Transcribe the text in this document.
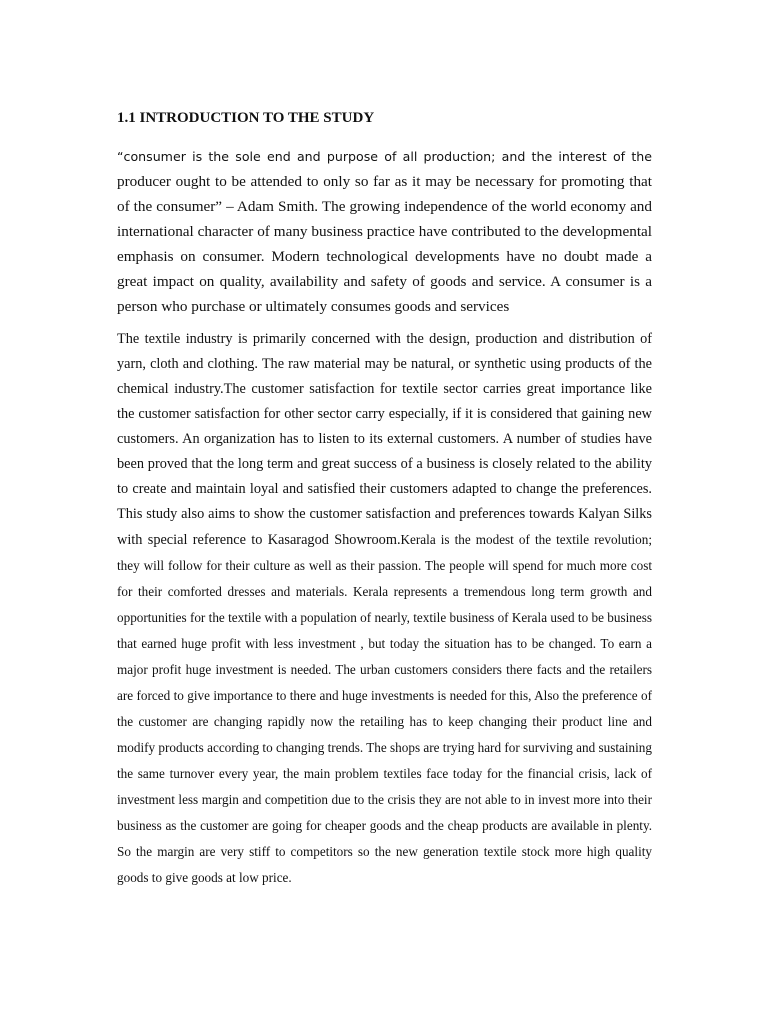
1.1 INTRODUCTION TO THE STUDY

“consumer is the sole end and purpose of all production; and the interest of the producer ought to be attended to only so far as it may be necessary for promoting that of the consumer” – Adam Smith. The growing independence of the world economy and international character of many business practice have contributed to the developmental emphasis on consumer. Modern technological developments have no doubt made a great impact on quality, availability and safety of goods and service. A consumer is a person who purchase or ultimately consumes goods and services

The textile industry is primarily concerned with the design, production and distribution of yarn, cloth and clothing. The raw material may be natural, or synthetic using products of the chemical industry.The customer satisfaction for textile sector carries great importance like the customer satisfaction for other sector carry especially, if it is considered that gaining new customers. An organization has to listen to its external customers. A number of studies have been proved that the long term and great success of a business is closely related to the ability to create and maintain loyal and satisfied their customers adapted to change the preferences. This study also aims to show the customer satisfaction and preferences towards Kalyan Silks with special reference to Kasaragod Showroom.Kerala is the modest of the textile revolution; they will follow for their culture as well as their passion. The people will spend for much more cost for their comforted dresses and materials. Kerala represents a tremendous long term growth and opportunities for the textile with a population of nearly, textile business of Kerala used to be business that earned huge profit with less investment , but today the situation has to be changed. To earn a major profit huge investment is needed. The urban customers considers there facts and the retailers are forced to give importance to there and huge investments is needed for this, Also the preference of the customer are changing rapidly now the retailing has to keep changing their product line and modify products according to changing trends. The shops are trying hard for surviving and sustaining the same turnover every year, the main problem textiles face today for the financial crisis, lack of investment less margin and competition due to the crisis they are not able to in invest more into their business as the customer are going for cheaper goods and the cheap products are available in plenty. So the margin are very stiff to competitors so the new generation textile stock more high quality goods to give goods at low price.
